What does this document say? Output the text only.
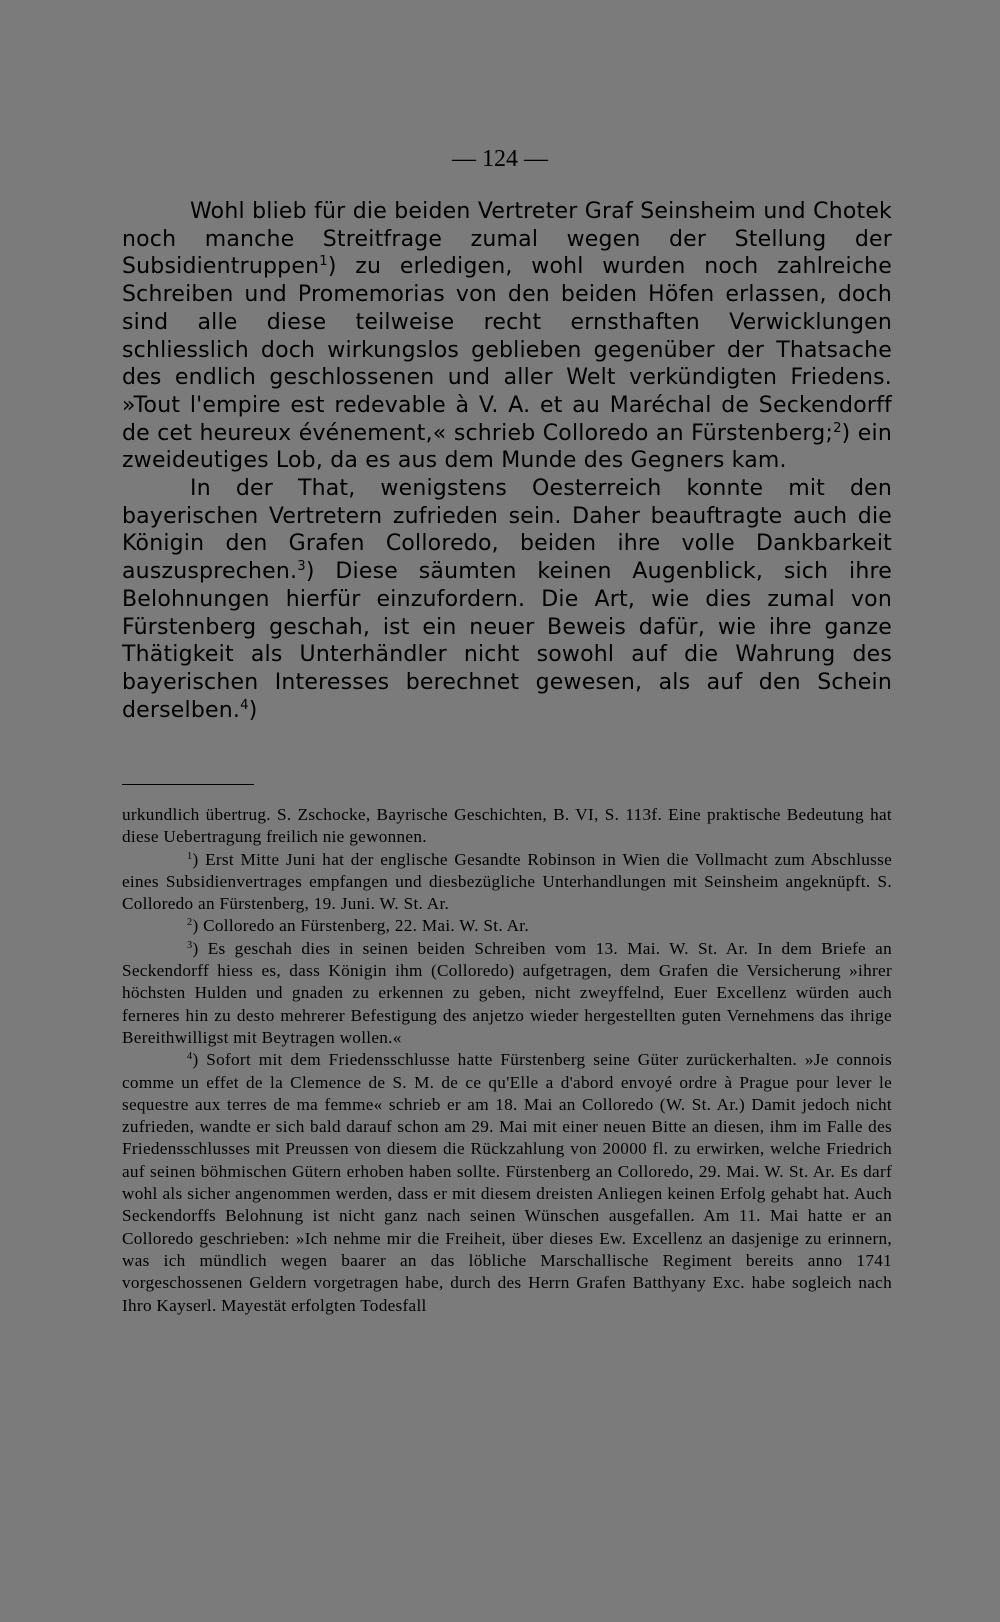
— 124 —

Wohl blieb für die beiden Vertreter Graf Seinsheim und Chotek noch manche Streitfrage zumal wegen der Stellung der Subsidientruppen$^1$) zu erledigen, wohl wurden noch zahlreiche Schreiben und Promemorias von den beiden Höfen erlassen, doch sind alle diese teilweise recht ernsthaften Verwicklungen schliesslich doch wirkungslos geblieben gegenüber der Thatsache des endlich geschlossenen und aller Welt verkündigten Friedens. »Tout l'empire est redevable à V. A. et au Maréchal de Seckendorff de cet heureux événement,« schrieb Colloredo an Fürstenberg;$^2$) ein zweideutiges Lob, da es aus dem Munde des Gegners kam.

In der That, wenigstens Oesterreich konnte mit den bayerischen Vertretern zufrieden sein. Daher beauftragte auch die Königin den Grafen Colloredo, beiden ihre volle Dankbarkeit auszusprechen.$^3$) Diese säumten keinen Augenblick, sich ihre Belohnungen hierfür einzufordern. Die Art, wie dies zumal von Fürstenberg geschah, ist ein neuer Beweis dafür, wie ihre ganze Thätigkeit als Unterhändler nicht sowohl auf die Wahrung des bayerischen Interesses berechnet gewesen, als auf den Schein derselben.$^4$)

urkundlich übertrug. S. Zschocke, Bayrische Geschichten, B. VI, S. 113f. Eine praktische Bedeutung hat diese Uebertragung freilich nie gewonnen.

$^1$) Erst Mitte Juni hat der englische Gesandte Robinson in Wien die Vollmacht zum Abschlusse eines Subsidienvertrages empfangen und diesbezügliche Unterhandlungen mit Seinsheim angeknüpft. S. Colloredo an Fürstenberg, 19. Juni. W. St. Ar.

$^2$) Colloredo an Fürstenberg, 22. Mai. W. St. Ar.

$^3$) Es geschah dies in seinen beiden Schreiben vom 13. Mai. W. St. Ar. In dem Briefe an Seckendorff hiess es, dass Königin ihm (Colloredo) aufgetragen, dem Grafen die Versicherung »ihrer höchsten Hulden und gnaden zu erkennen zu geben, nicht zweyffelnd, Euer Excellenz würden auch ferneres hin zu desto mehrerer Befestigung des anjetzo wieder hergestellten guten Vernehmens das ihrige Bereithwilligst mit Beytragen wollen.«

$^4$) Sofort mit dem Friedensschlusse hatte Fürstenberg seine Güter zurückerhalten. »Je connois comme un effet de la Clemence de S. M. de ce qu'Elle a d'abord envoyé ordre à Prague pour lever le sequestre aux terres de ma femme« schrieb er am 18. Mai an Colloredo (W. St. Ar.) Damit jedoch nicht zufrieden, wandte er sich bald darauf schon am 29. Mai mit einer neuen Bitte an diesen, ihm im Falle des Friedensschlusses mit Preussen von diesem die Rückzahlung von 20000 fl. zu erwirken, welche Friedrich auf seinen böhmischen Gütern erhoben haben sollte. Fürstenberg an Colloredo, 29. Mai. W. St. Ar. Es darf wohl als sicher angenommen werden, dass er mit diesem dreisten Anliegen keinen Erfolg gehabt hat. Auch Seckendorffs Belohnung ist nicht ganz nach seinen Wünschen ausgefallen. Am 11. Mai hatte er an Colloredo geschrieben: »Ich nehme mir die Freiheit, über dieses Ew. Excellenz an dasjenige zu erinnern, was ich mündlich wegen baarer an das löbliche Marschallische Regiment bereits anno 1741 vorgeschossenen Geldern vorgetragen habe, durch des Herrn Grafen Batthyany Exc. habe sogleich nach Ihro Kayserl. Mayestät erfolgten Todesfall
